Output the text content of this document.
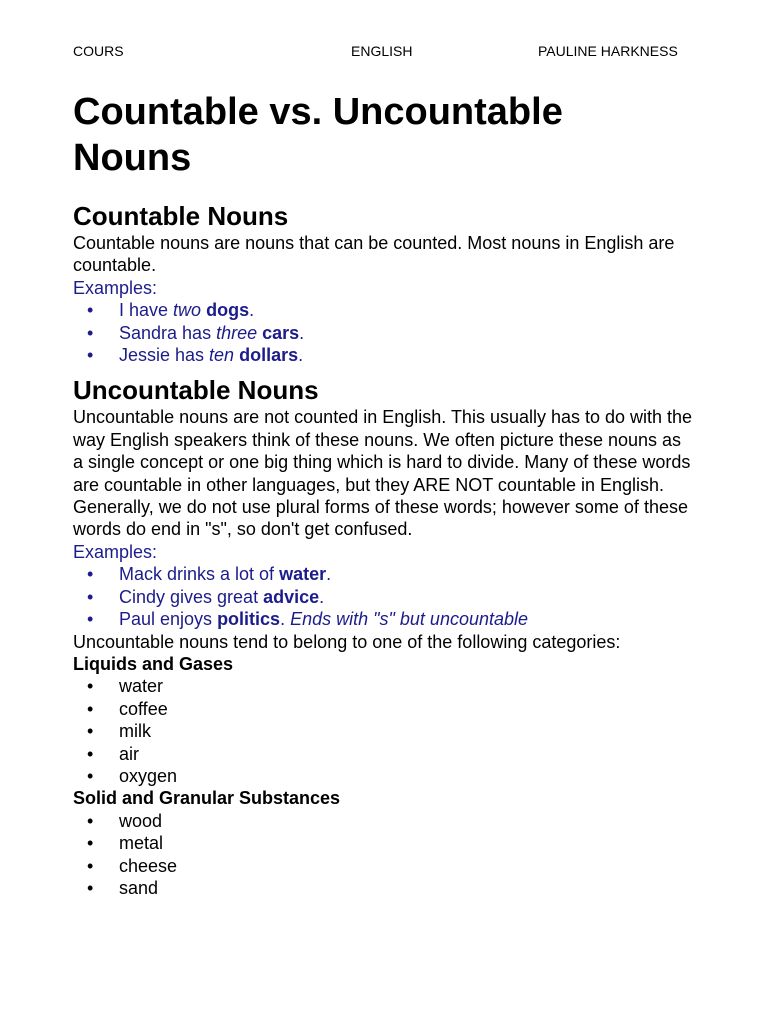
COURS	ENGLISH	PAULINE HARKNESS
Countable vs. Uncountable
Nouns
Countable Nouns

Countable nouns are nouns that can be counted. Most nouns in English are countable.

Examples:

• I have two dogs.
• Sandra has three cars.
• Jessie has ten dollars.
Uncountable Nouns

Uncountable nouns are not counted in English. This usually has to do with the way English speakers think of these nouns. We often picture these nouns as a single concept or one big thing which is hard to divide. Many of these words are countable in other languages, but they ARE NOT countable in English. Generally, we do not use plural forms of these words; however some of these words do end in "s", so don't get confused.

Examples:

• Mack drinks a lot of water.
• Cindy gives great advice.
• Paul enjoys politics. Ends with "s" but uncountable

Uncountable nouns tend to belong to one of the following categories:

Liquids and Gases

• water
• coffee
• milk
• air
• oxygen

Solid and Granular Substances

• wood
• metal
• cheese
• sand
